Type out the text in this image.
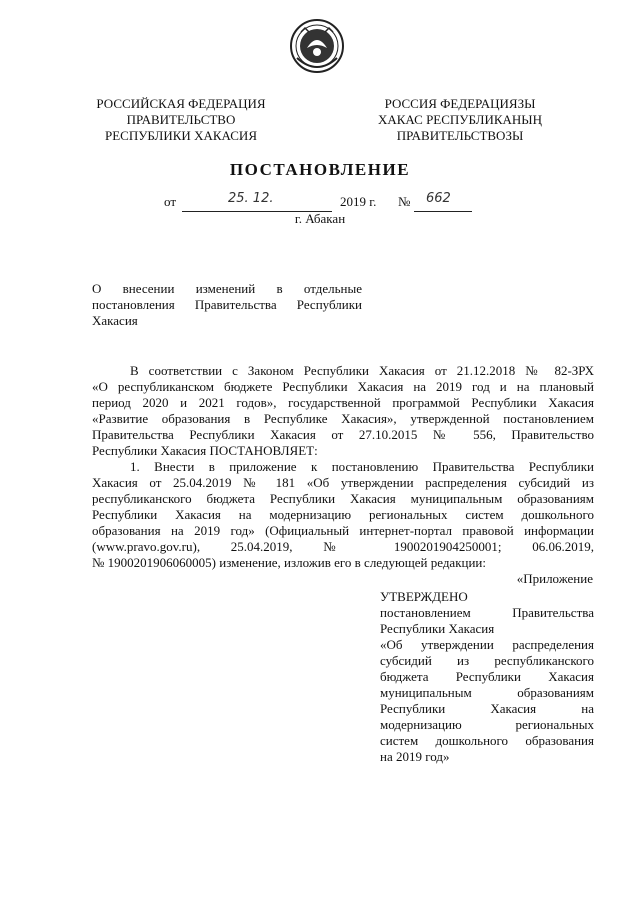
РОССИЙСКАЯ ФЕДЕРАЦИЯ
ПРАВИТЕЛЬСТВО
РЕСПУБЛИКИ ХАКАСИЯ
РОССИЯ ФЕДЕРАЦИЯЗЫ
ХАКАС РЕСПУБЛИКАНЫҢ
ПРАВИТЕЛЬСТВОЗЫ
ПОСТАНОВЛЕНИЕ
от	25. 12.	2019 г. № 662
г. Абакан
О внесении изменений в отдельные
постановления Правительства Республики
Хакасия
В соответствии с Законом Республики Хакасия от 21.12.2018 № 82-ЗРХ
«О республиканском бюджете Республики Хакасия на 2019 год и на плановый
период 2020 и 2021 годов», государственной программой Республики Хакасия
«Развитие образования в Республике Хакасия», утвержденной постановлением
Правительства Республики Хакасия от 27.10.2015 № 556, Правительство
Республики Хакасия ПОСТАНОВЛЯЕТ:
1. Внести в приложение к постановлению Правительства Республики
Хакасия от 25.04.2019 № 181 «Об утверждении распределения субсидий из
республиканского бюджета Республики Хакасия муниципальным образованиям
Республики Хакасия на модернизацию региональных систем дошкольного
образования на 2019 год» (Официальный интернет-портал правовой информации
(www.pravo.gov.ru), 25.04.2019, № 1900201904250001; 06.06.2019,
№ 1900201906060005) изменение, изложив его в следующей редакции:
«Приложение
УТВЕРЖДЕНО
постановлением Правительства
Республики Хакасия
«Об утверждении распределения
субсидий из республиканского
бюджета Республики Хакасия
муниципальным образованиям
Республики Хакасия на
модернизацию региональных
систем дошкольного образования
на 2019 год»
